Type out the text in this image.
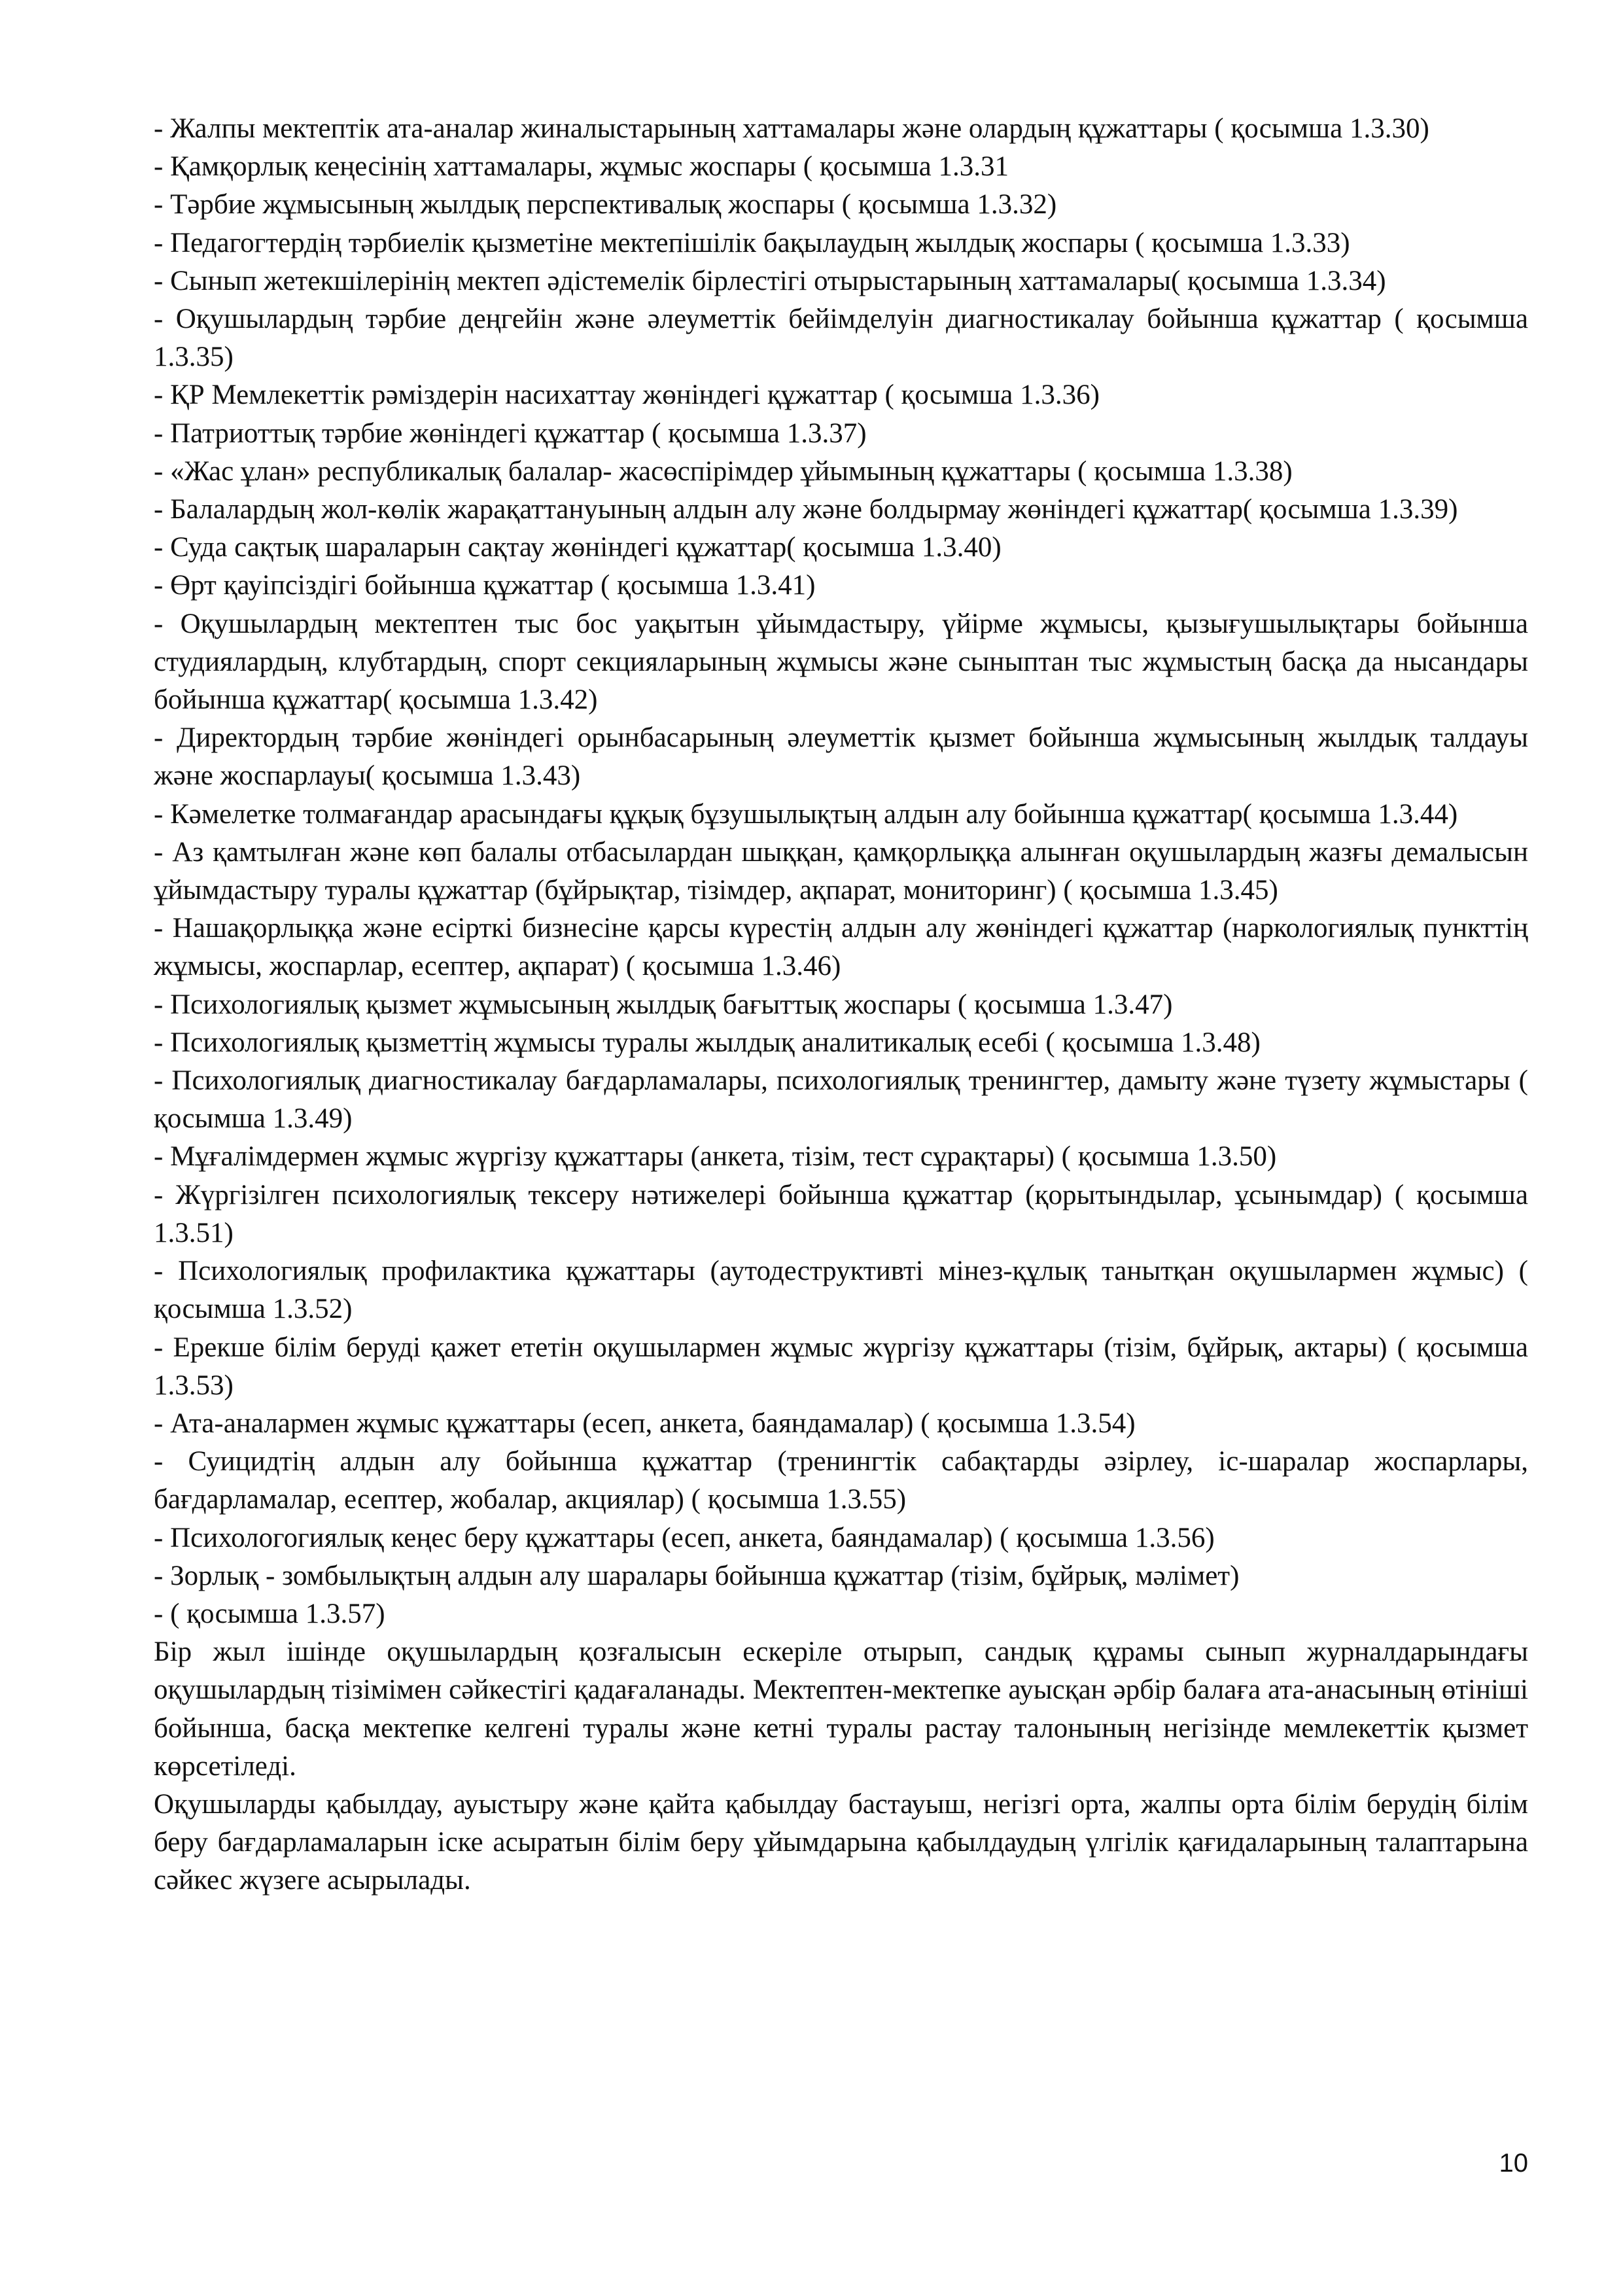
- Жалпы мектептік ата-аналар жиналыстарының хаттамалары және олардың құжаттары ( қосымша 1.3.30)

- Қамқорлық кеңесінің хаттамалары, жұмыс жоспары ( қосымша 1.3.31

- Тәрбие жұмысының жылдық перспективалық жоспары ( қосымша 1.3.32)

- Педагогтердің тәрбиелік қызметіне мектепішілік бақылаудың жылдық жоспары ( қосымша 1.3.33)

- Сынып жетекшілерінің мектеп әдістемелік бірлестігі отырыстарының хаттамалары( қосымша 1.3.34)

- Оқушылардың тәрбие деңгейін және әлеуметтік бейімделуін диагностикалау бойынша құжаттар ( қосымша 1.3.35)

- ҚР Мемлекеттік рәміздерін насихаттау жөніндегі құжаттар ( қосымша 1.3.36)

- Патриоттық тәрбие жөніндегі құжаттар ( қосымша 1.3.37)

- «Жас ұлан» республикалық балалар- жасөспірімдер ұйымының құжаттары ( қосымша 1.3.38)

- Балалардың жол-көлік жарақаттануының алдын алу және болдырмау жөніндегі құжаттар( қосымша 1.3.39)

- Суда сақтық шараларын сақтау жөніндегі құжаттар( қосымша 1.3.40)

- Өрт қауіпсіздігі бойынша құжаттар ( қосымша 1.3.41)

- Оқушылардың мектептен тыс бос уақытын ұйымдастыру, үйірме жұмысы, қызығушылықтары бойынша студиялардың, клубтардың, спорт секцияларының жұмысы және сыныптан тыс жұмыстың басқа да нысандары бойынша құжаттар( қосымша 1.3.42)

- Директордың тәрбие жөніндегі орынбасарының әлеуметтік қызмет бойынша жұмысының жылдық талдауы және жоспарлауы( қосымша 1.3.43)

- Кәмелетке толмағандар арасындағы құқық бұзушылықтың алдын алу бойынша құжаттар( қосымша 1.3.44)

- Аз қамтылған және көп балалы отбасылардан шыққан, қамқорлыққа алынған оқушылардың жазғы демалысын ұйымдастыру туралы құжаттар (бұйрықтар, тізімдер, ақпарат, мониторинг) ( қосымша 1.3.45)

- Нашақорлыққа және есірткі бизнесіне қарсы күрестің алдын алу жөніндегі құжаттар (наркологиялық пункттің жұмысы, жоспарлар, есептер, ақпарат) ( қосымша 1.3.46)

- Психологиялық қызмет жұмысының жылдық бағыттық жоспары ( қосымша 1.3.47)

- Психологиялық қызметтің жұмысы туралы жылдық аналитикалық есебі ( қосымша 1.3.48)

- Психологиялық диагностикалау бағдарламалары, психологиялық тренингтер, дамыту және түзету жұмыстары ( қосымша 1.3.49)

- Мұғалімдермен жұмыс жүргізу құжаттары (анкета, тізім, тест сұрақтары) ( қосымша 1.3.50)

- Жүргізілген психологиялық тексеру нәтижелері бойынша құжаттар (қорытындылар, ұсынымдар) ( қосымша 1.3.51)

- Психологиялық профилактика құжаттары (аутодеструктивті мінез-құлық танытқан оқушылармен жұмыс) ( қосымша 1.3.52)

- Ерекше білім беруді қажет ететін оқушылармен жұмыс жүргізу құжаттары (тізім, бұйрық, актары) ( қосымша 1.3.53)

- Ата-аналармен жұмыс құжаттары (есеп, анкета, баяндамалар) ( қосымша 1.3.54)

- Суицидтің алдын алу бойынша құжаттар (тренингтік сабақтарды әзірлеу, іс-шаралар жоспарлары, бағдарламалар, есептер, жобалар, акциялар) ( қосымша 1.3.55)

- Психологогиялық кеңес беру құжаттары (есеп, анкета, баяндамалар) ( қосымша 1.3.56)

- Зорлық - зомбылықтың алдын алу шаралары бойынша құжаттар (тізім, бұйрық, мәлімет)

- ( қосымша 1.3.57)

Бір жыл ішінде оқушылардың қозғалысын ескеріле отырып, сандық құрамы сынып журналдарындағы оқушылардың тізімімен сәйкестігі қадағаланады. Мектептен-мектепке ауысқан әрбір балаға ата-анасының өтініші бойынша, басқа мектепке келгені туралы және кетні туралы растау талонының негізінде мемлекеттік қызмет көрсетіледі.

Оқушыларды қабылдау, ауыстыру және қайта қабылдау бастауыш, негізгі орта, жалпы орта білім берудің білім беру бағдарламаларын іске асыратын білім беру ұйымдарына қабылдаудың үлгілік қағидаларының талаптарына сәйкес жүзеге асырылады.

10
